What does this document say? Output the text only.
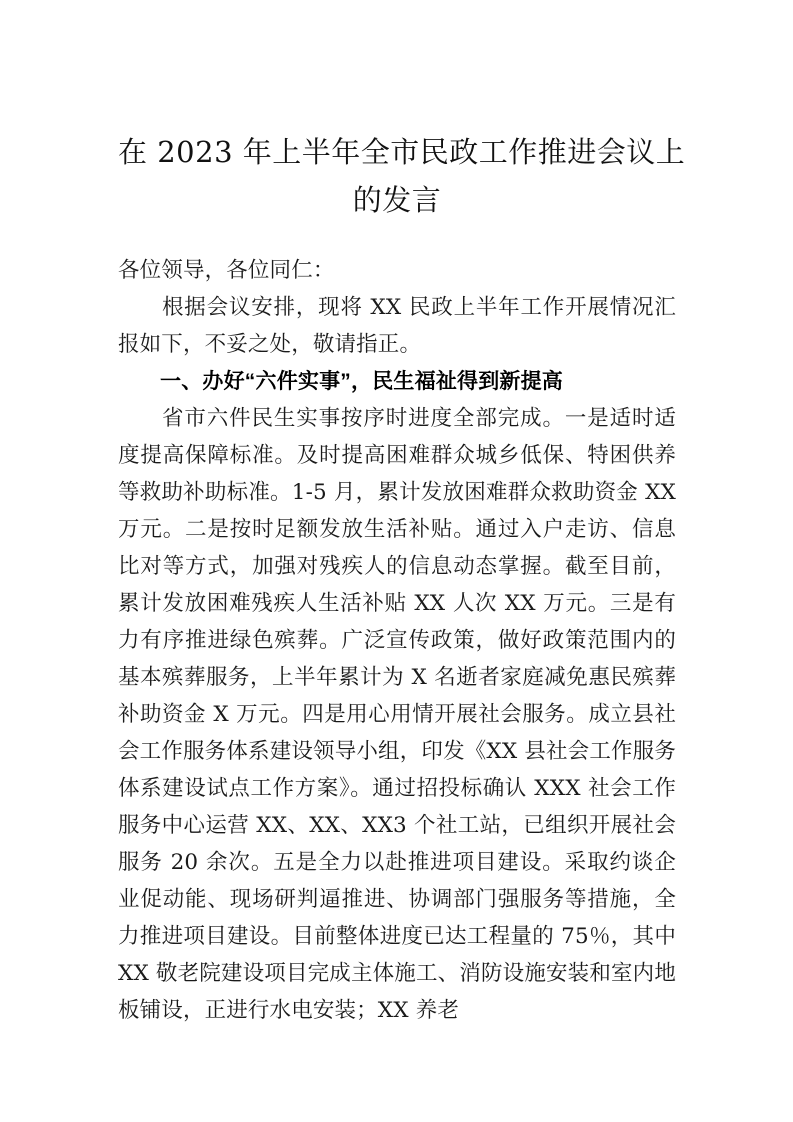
在 2023 年上半年全市民政工作推进会议上
的发言

各位领导，各位同仁：

根据会议安排，现将 XX 民政上半年工作开展情况汇报如下，不妥之处，敬请指正。

一、办好“六件实事”，民生福祉得到新提高

省市六件民生实事按序时进度全部完成。一是适时适度提高保障标准。及时提高困难群众城乡低保、特困供养等救助补助标准。1-5 月，累计发放困难群众救助资金 XX 万元。二是按时足额发放生活补贴。通过入户走访、信息比对等方式，加强对残疾人的信息动态掌握。截至目前，累计发放困难残疾人生活补贴 XX 人次 XX 万元。三是有力有序推进绿色殡葬。广泛宣传政策，做好政策范围内的基本殡葬服务，上半年累计为 X 名逝者家庭减免惠民殡葬补助资金 X 万元。四是用心用情开展社会服务。成立县社会工作服务体系建设领导小组，印发《XX 县社会工作服务体系建设试点工作方案》。通过招投标确认 XXX 社会工作服务中心运营 XX、XX、XX3 个社工站，已组织开展社会服务 20 余次。五是全力以赴推进项目建设。采取约谈企业促动能、现场研判逼推进、协调部门强服务等措施，全力推进项目建设。目前整体进度已达工程量的 75％，其中 XX 敬老院建设项目完成主体施工、消防设施安装和室内地板铺设，正进行水电安装；XX 养老
